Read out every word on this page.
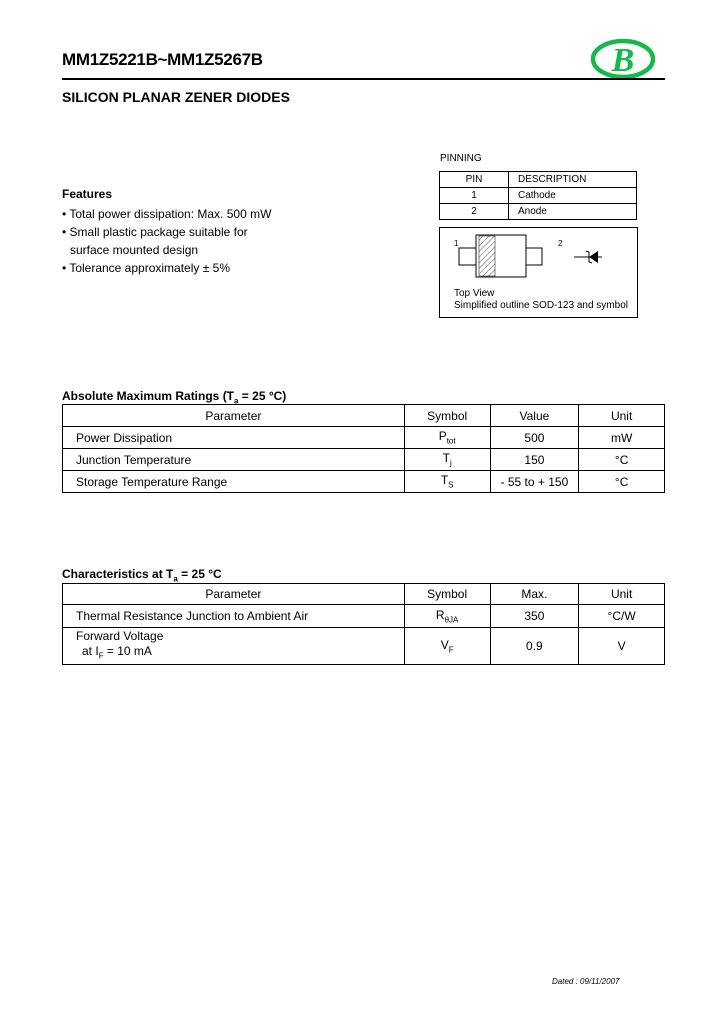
MM1Z5221B~MM1Z5267B	B
SILICON PLANAR ZENER DIODES
Features
• Total power dissipation: Max. 500 mW
• Small plastic package suitable for
surface mounted design
• Tolerance approximately ± 5%
PINNING
PIN	DESCRIPTION
1	Cathode
2	Anode
1	2
Top View
Simplified outline SOD-123 and symbol
Absolute Maximum Ratings ($T_a = 25$ °C)
Parameter	Symbol	Value	Unit
Power Dissipation	$P_{tot}$	500	mW
Junction Temperature	$T_j$	150	°C
Storage Temperature Range	$T_S$	- 55 to + 150	°C
Characteristics at $T_a = 25$ °C
Parameter	Symbol	Max.	Unit
Thermal Resistance Junction to Ambient Air	$R_{\theta JA}$	350	°C/W

Forward Voltage
at $I_F = 10$ mA	$V_F$	0.9	V
Dated : 09/11/2007
